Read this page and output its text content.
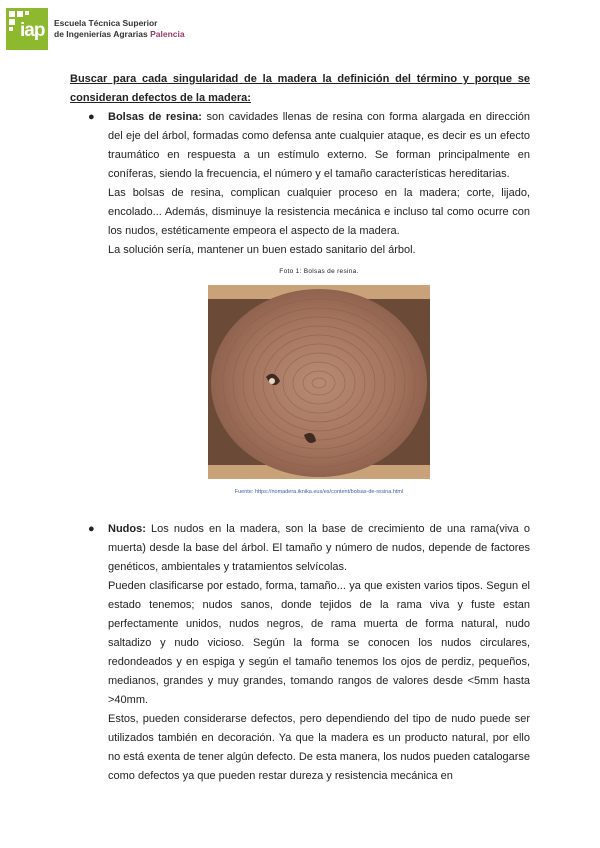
iap Escuela Técnica Superior
de Ingenierías Agrarias Palencia
Buscar para cada singularidad de la madera la definición del término y porque se consideran defectos de la madera:
● Bolsas de resina: son cavidades llenas de resina con forma alargada en dirección del eje del árbol, formadas como defensa ante cualquier ataque, es decir es un efecto traumático en respuesta a un estímulo externo. Se forman principalmente en coníferas, siendo la frecuencia, el número y el tamaño características hereditarias.

Las bolsas de resina, complican cualquier proceso en la madera; corte, lijado, encolado... Además, disminuye la resistencia mecánica e incluso tal como ocurre con los nudos, estéticamente empeora el aspecto de la madera.

La solución sería, mantener un buen estado sanitario del árbol.

Foto 1: Bolsas de resina.
Fuente: https://nomadera.iknika.eus/es/content/bolsas-de-resina.html
● Nudos: Los nudos en la madera, son la base de crecimiento de una rama(viva o muerta) desde la base del árbol. El tamaño y número de nudos, depende de factores genéticos, ambientales y tratamientos selvícolas.

Pueden clasificarse por estado, forma, tamaño... ya que existen varios tipos. Segun el estado tenemos; nudos sanos, donde tejidos de la rama viva y fuste estan perfectamente unidos, nudos negros, de rama muerta de forma natural, nudo saltadizo y nudo vicioso. Según la forma se conocen los nudos circulares, redondeados y en espiga y según el tamaño tenemos los ojos de perdiz, pequeños, medianos, grandes y muy grandes, tomando rangos de valores desde <5mm hasta >40mm.

Estos, pueden considerarse defectos, pero dependiendo del tipo de nudo puede ser utilizados también en decoración. Ya que la madera es un producto natural, por ello no está exenta de tener algún defecto. De esta manera, los nudos pueden catalogarse como defectos ya que pueden restar dureza y resistencia mecánica en
